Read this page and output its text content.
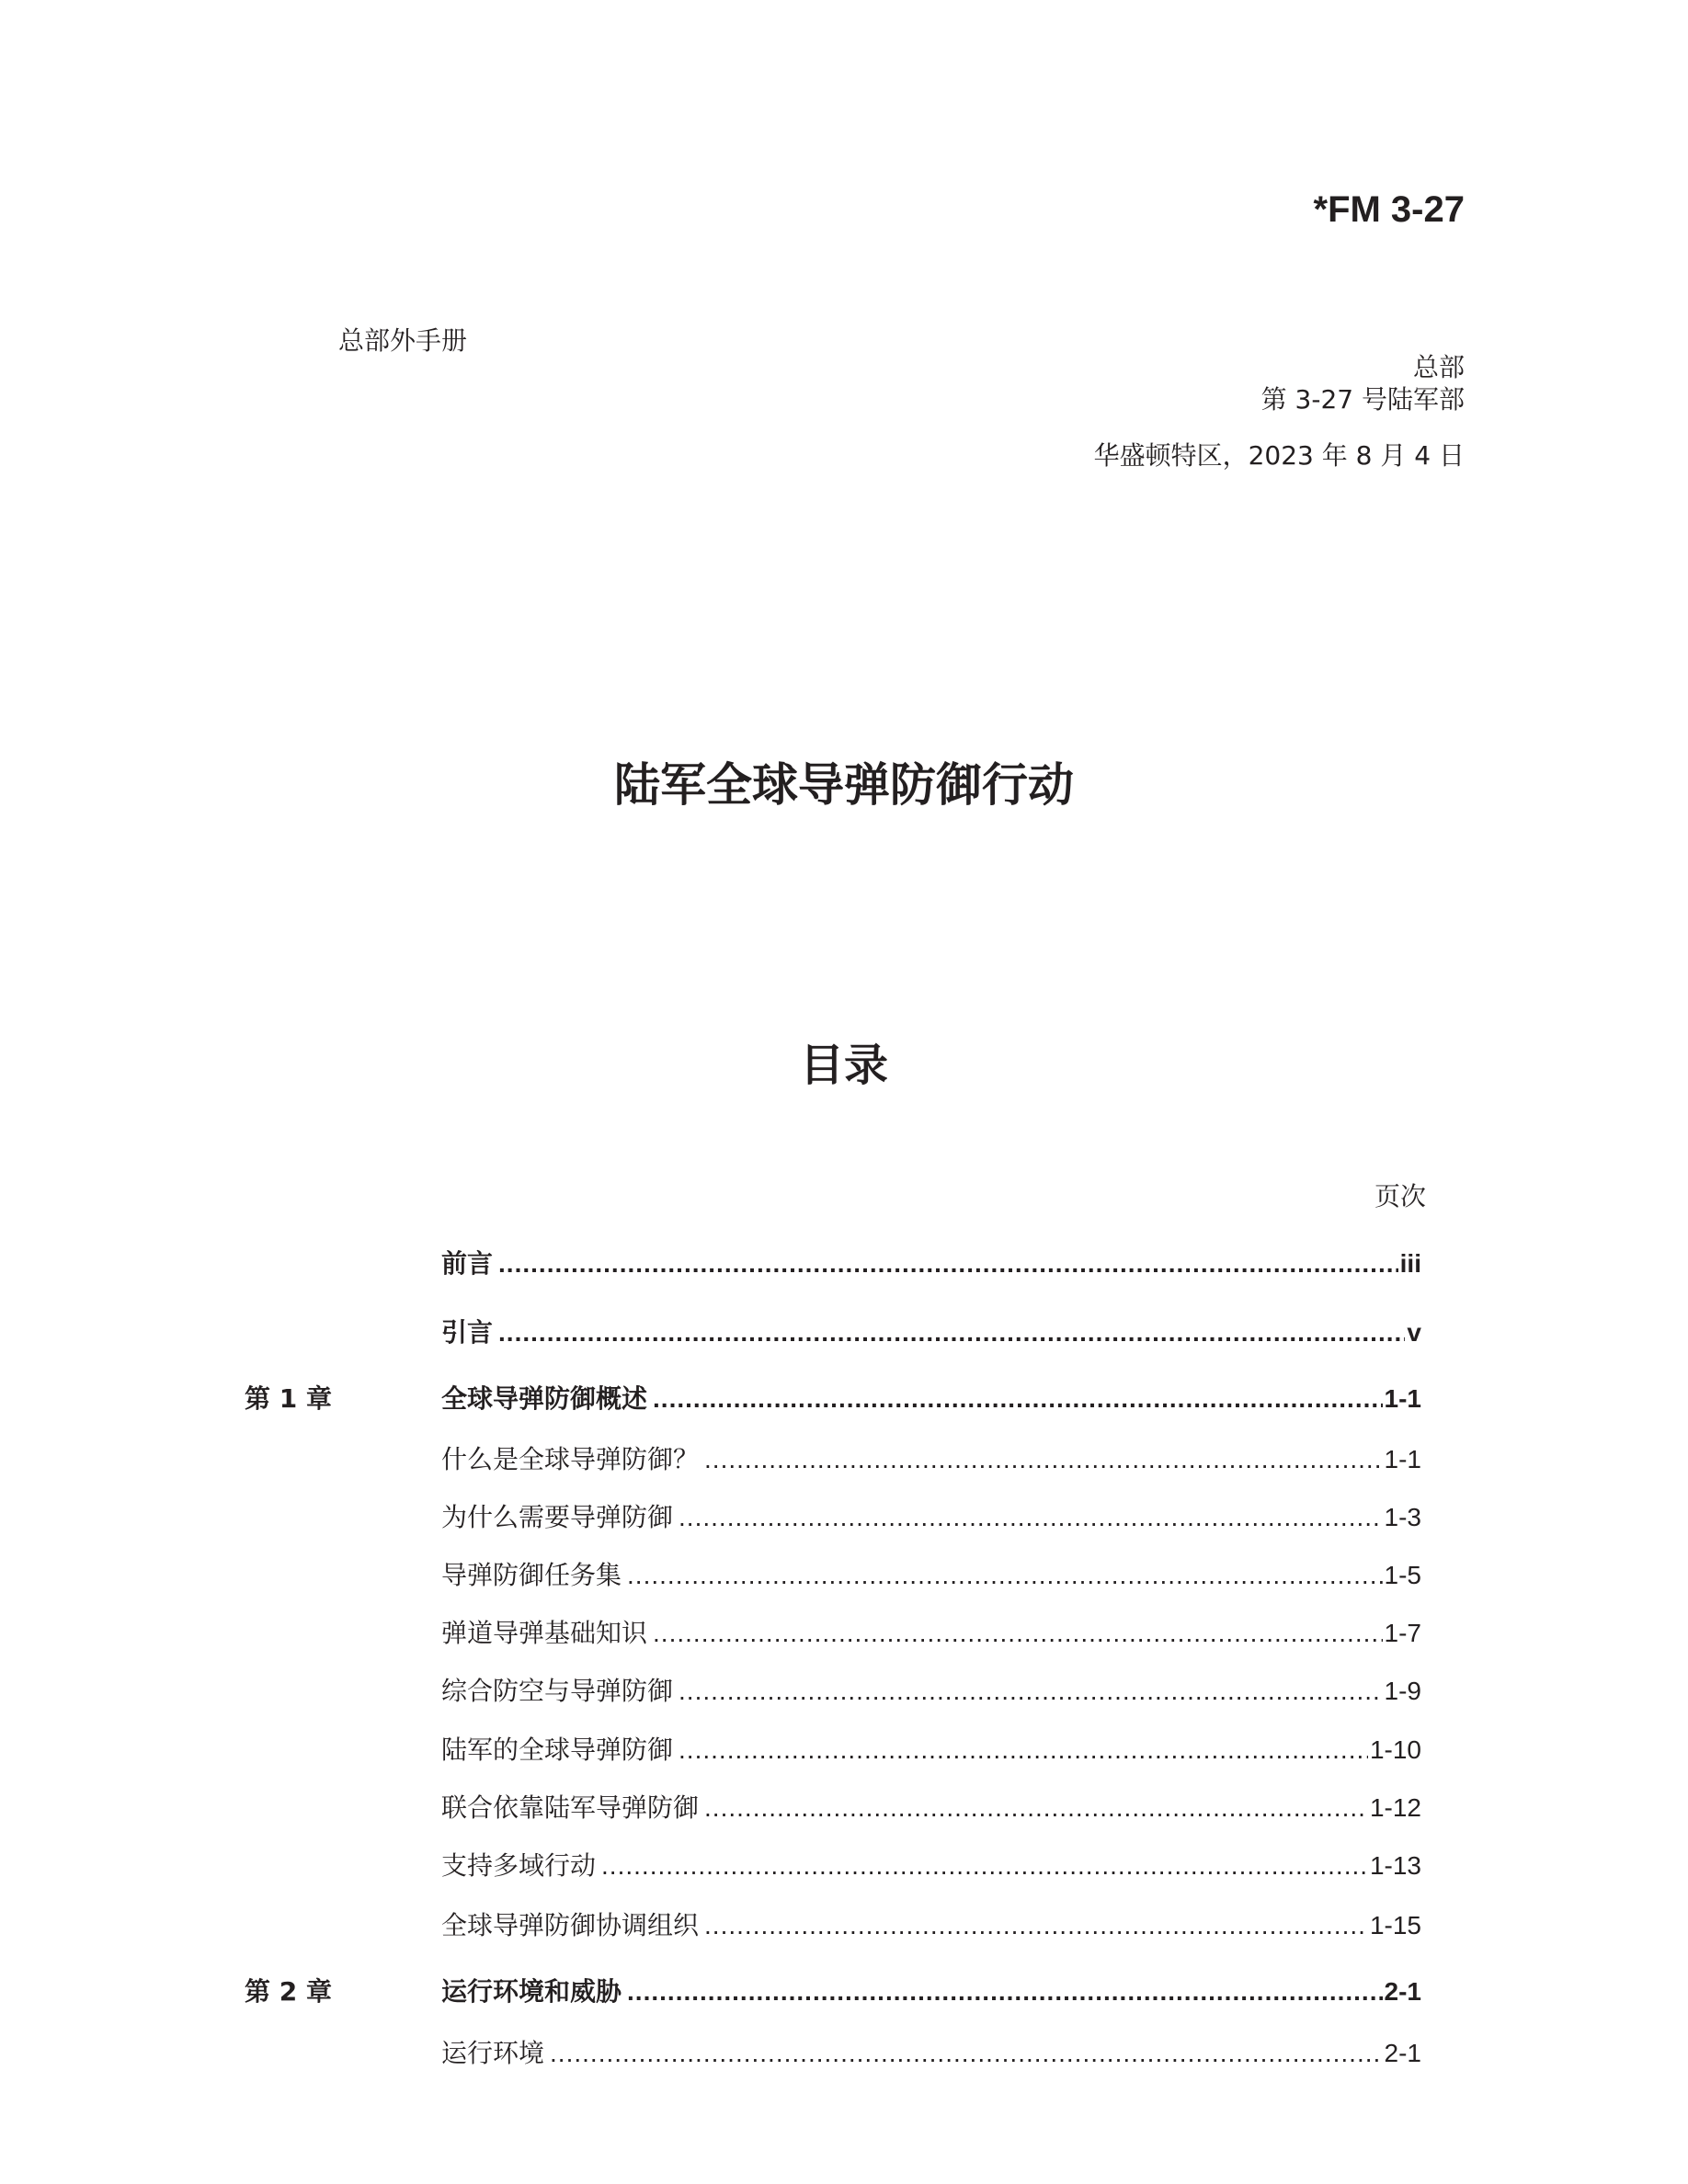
*FM 3-27
总部外手册
总部
第 3-27 号陆军部
华盛顿特区，2023 年 8 月 4 日
陆军全球导弹防御行动
目录
页次
前言 .....	iii
引言 .....	v
第 1 章	全球导弹防御概述 .....	1-1
什么是全球导弹防御？ .....	1-1
为什么需要导弹防御 .....	1-3
导弹防御任务集 .....	1-5
弹道导弹基础知识 .....	1-7
综合防空与导弹防御 .....	1-9
陆军的全球导弹防御 .....	1-10
联合依靠陆军导弹防御 .....	1-12
支持多域行动 .....	1-13
全球导弹防御协调组织 .....	1-15
第 2 章	运行环境和威胁 .....	2-1
运行环境 .....	2-1
